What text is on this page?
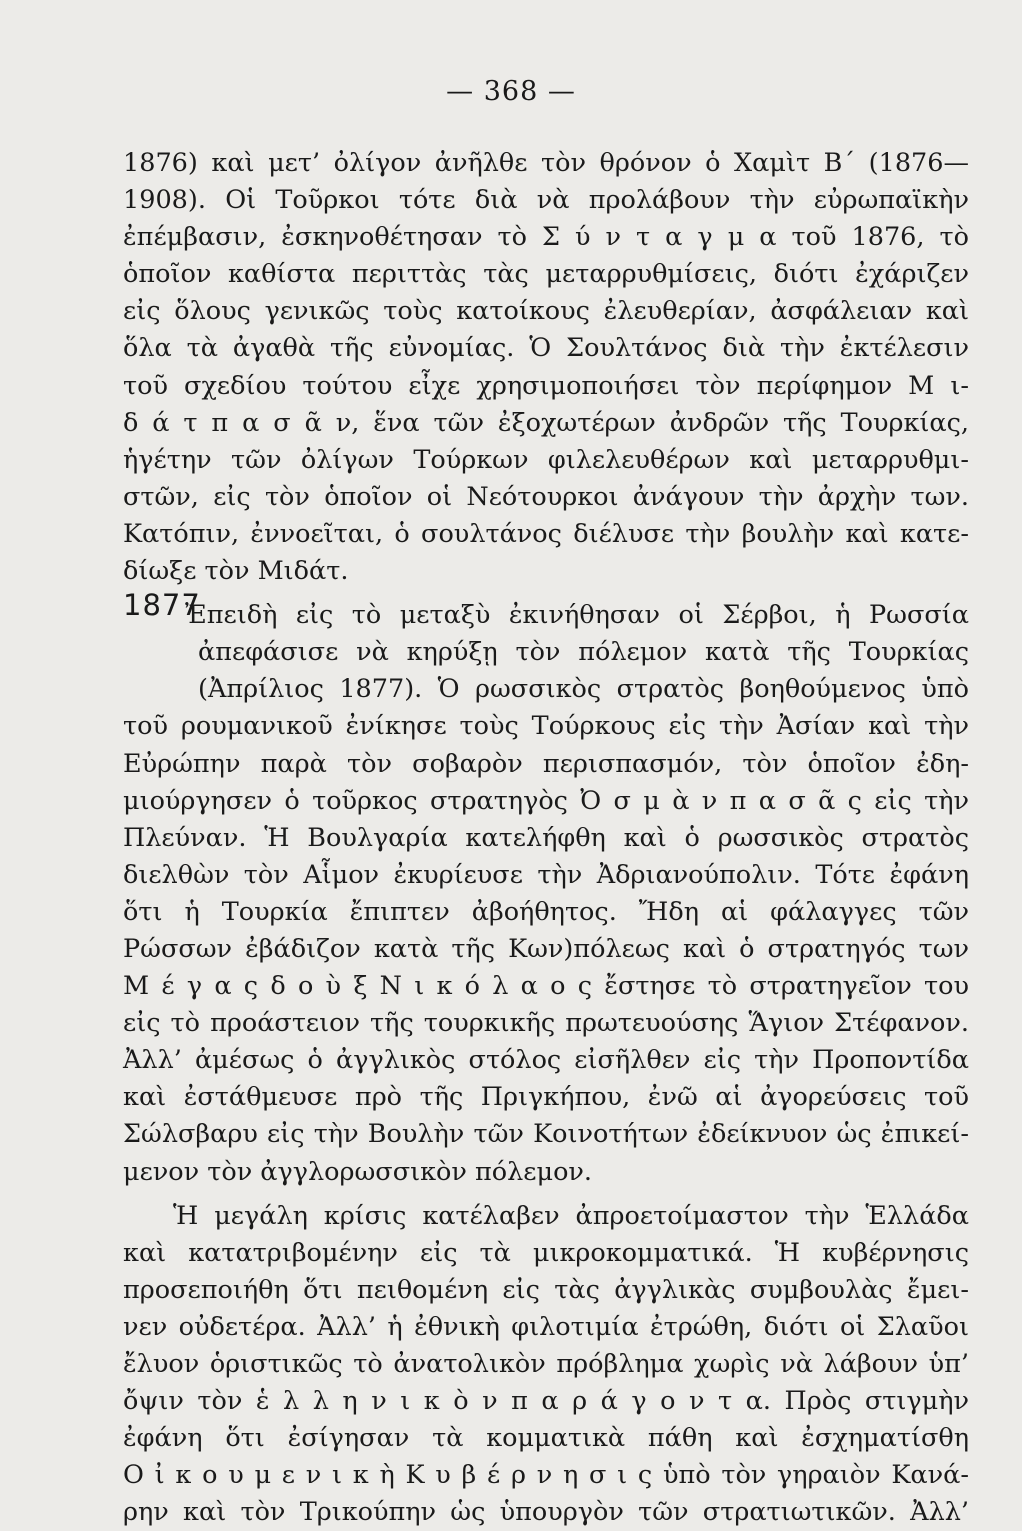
— 368 —
1877
1876) καὶ μετ’ ὀλίγον ἀνῆλθε τὸν θρόνον ὁ Χαμὶτ Β΄ (1876—
1908). Οἱ Τοῦρκοι τότε διὰ νὰ προλάβουν τὴν εὐρωπαϊκὴν
ἐπέμβασιν, ἐσκηνοθέτησαν τὸ Σ ύ ν τ α γ μ α τοῦ 1876, τὸ
ὁποῖον καθίστα περιττὰς τὰς μεταρρυθμίσεις, διότι ἐχάριζεν
εἰς ὅλους γενικῶς τοὺς κατοίκους ἐλευθερίαν, ἀσφάλειαν καὶ
ὅλα τὰ ἀγαθὰ τῆς εὐνομίας. Ὁ Σουλτάνος διὰ τὴν ἐκτέλεσιν
τοῦ σχεδίου τούτου εἶχε χρησιμοποιήσει τὸν περίφημον Μ ι-
δ ά τ π α σ ᾶ ν, ἕνα τῶν ἐξοχωτέρων ἀνδρῶν τῆς Τουρκίας,
ἡγέτην τῶν ὀλίγων Τούρκων φιλελευθέρων καὶ μεταρρυθμι-
στῶν, εἰς τὸν ὁποῖον οἱ Νεότουρκοι ἀνάγουν τὴν ἀρχὴν των.
Κατόπιν, ἐννοεῖται, ὁ σουλτάνος διέλυσε τὴν βουλὴν καὶ κατε-
δίωξε τὸν Μιδάτ.
Ἐπειδὴ εἰς τὸ μεταξὺ ἐκινήθησαν οἱ Σέρβοι, ἡ Ρωσσία
ἀπεφάσισε νὰ κηρύξῃ τὸν πόλεμον κατὰ τῆς Τουρκίας
(Ἀπρίλιος 1877). Ὁ ρωσσικὸς στρατὸς βοηθούμενος ὑπὸ
τοῦ ρουμανικοῦ ἐνίκησε τοὺς Τούρκους εἰς τὴν Ἀσίαν καὶ τὴν
Εὐρώπην παρὰ τὸν σοβαρὸν περισπασμόν, τὸν ὁποῖον ἐδη-
μιούργησεν ὁ τοῦρκος στρατηγὸς Ὀ σ μ ὰ ν π α σ ᾶ ς εἰς τὴν
Πλεύναν. Ἡ Βουλγαρία κατελήφθη καὶ ὁ ρωσσικὸς στρατὸς
διελθὼν τὸν Αἷμον ἐκυρίευσε τὴν Ἀδριανούπολιν. Τότε ἐφάνη
ὅτι ἡ Τουρκία ἔπιπτεν ἀβοήθητος. Ἤδη αἱ φάλαγγες τῶν
Ρώσσων ἐβάδιζον κατὰ τῆς Κων)πόλεως καὶ ὁ στρατηγός των
Μ έ γ α ς δ ο ὺ ξ Ν ι κ ό λ α ο ς ἔστησε τὸ στρατηγεῖον του
εἰς τὸ προάστειον τῆς τουρκικῆς πρωτευούσης Ἅγιον Στέφανον.
Ἀλλ’ ἀμέσως ὁ ἀγγλικὸς στόλος εἰσῆλθεν εἰς τὴν Προποντίδα
καὶ ἐστάθμευσε πρὸ τῆς Πριγκήπου, ἐνῶ αἱ ἀγορεύσεις τοῦ
Σώλσβαρυ εἰς τὴν Βουλὴν τῶν Κοινοτήτων ἐδείκνυον ὡς ἐπικεί-
μενον τὸν ἀγγλορωσσικὸν πόλεμον.
Ἡ μεγάλη κρίσις κατέλαβεν ἀπροετοίμαστον τὴν Ἑλλάδα
καὶ κατατριβομένην εἰς τὰ μικροκομματικά. Ἡ κυβέρνησις
προσεποιήθη ὅτι πειθομένη εἰς τὰς ἀγγλικὰς συμβουλὰς ἔμει-
νεν οὐδετέρα. Ἀλλ’ ἡ ἐθνικὴ φιλοτιμία ἐτρώθη, διότι οἱ Σλαῦοι
ἔλυον ὁριστικῶς τὸ ἀνατολικὸν πρόβλημα χωρὶς νὰ λάβουν ὑπ’
ὄψιν τὸν ἑ λ λ η ν ι κ ὸ ν π α ρ ά γ ο ν τ α. Πρὸς στιγμὴν
ἐφάνη ὅτι ἐσίγησαν τὰ κομματικὰ πάθη καὶ ἐσχηματίσθη
Ο ἰ κ ο υ μ ε ν ι κ ὴ Κ υ β έ ρ ν η σ ι ς ὑπὸ τὸν γηραιὸν Κανά-
ρην καὶ τὸν Τρικούπην ὡς ὑπουργὸν τῶν στρατιωτικῶν. Ἀλλ’
